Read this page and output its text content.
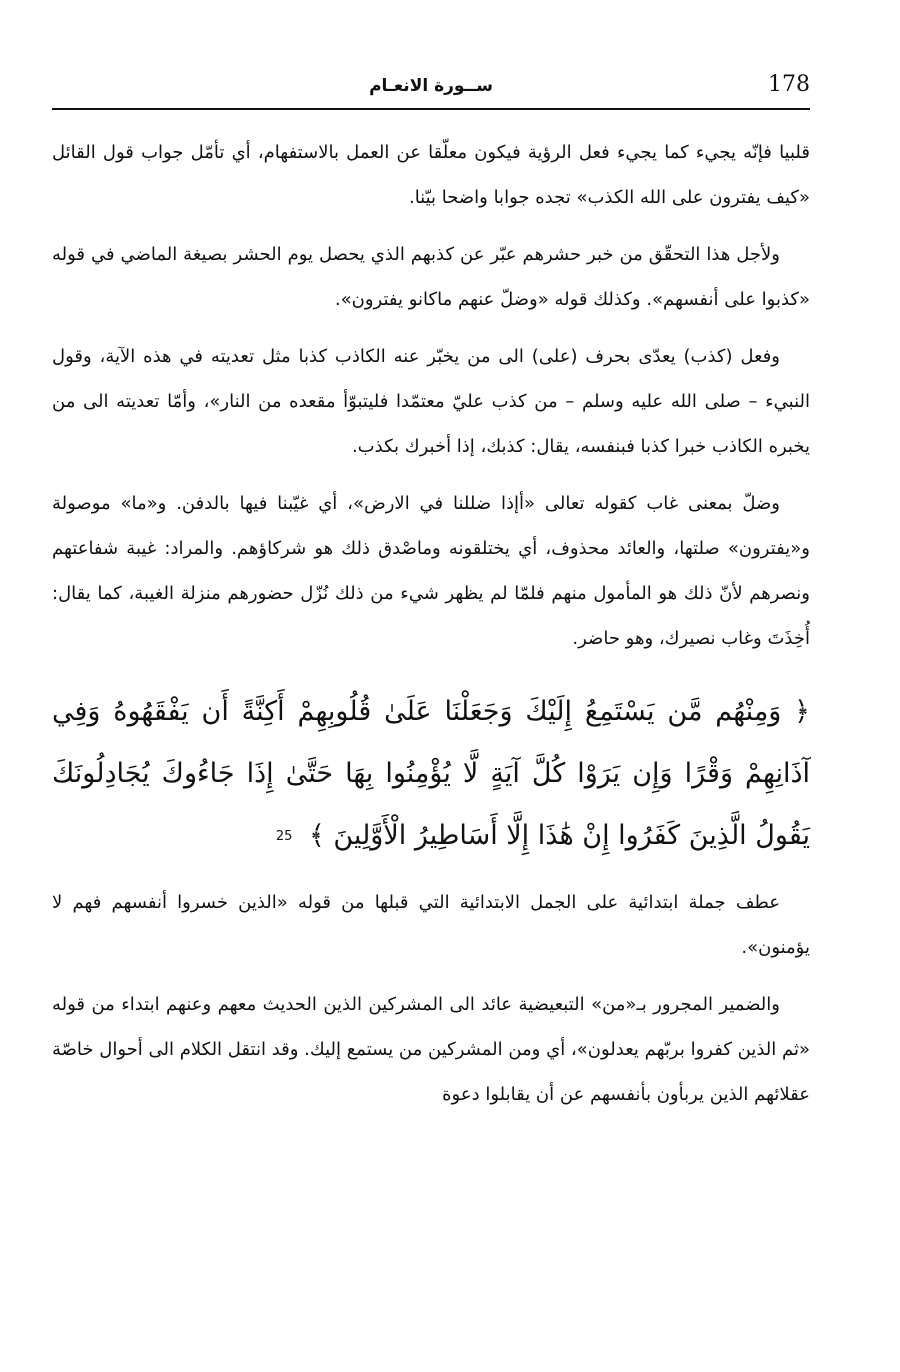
178
ســورة الانعـام

قلبيا فإنّه يجيء كما يجيء فعل الرؤية فيكون معلّقا عن العمل بالاستفهام، أي تأمّل جواب قول القائل «كيف يفترون على الله الكذب» تجده جوابا واضحا بيّنا.

ولأجل هذا التحقّق من خبر حشرهم عبّر عن كذبهم الذي يحصل يوم الحشر بصيغة الماضي في قوله «كذبوا على أنفسهم». وكذلك قوله «وضلّ عنهم ماكانو يفترون».

وفعل (كذب) يعدّى بحرف (على) الى من يخبّر عنه الكاذب كذبا مثل تعديته في هذه الآية، وقول النبيء – صلى الله عليه وسلم – من كذب عليّ معتمّدا فليتبوّأ مقعده من النار»، وأمّا تعديته الى من يخبره الكاذب خبرا كذبا فبنفسه، يقال: كذبك، إذا أخبرك بكذب.

وضلّ بمعنى غاب كقوله تعالى «أإذا ضللنا في الارض»، أي غيّبنا فيها بالدفن. و«ما» موصولة و«يفترون» صلتها، والعائد محذوف، أي يختلقونه وماصْدق ذلك هو شركاؤهم. والمراد: غيبة شفاعتهم ونصرهم لأنّ ذلك هو المأمول منهم فلمّا لم يظهر شيء من ذلك نُزّل حضورهم منزلة الغيبة، كما يقال: أُخِذَتَ وغاب نصيرك، وهو حاضر.

﴿ وَمِنْهُم مَّن يَسْتَمِعُ إِلَيْكَ وَجَعَلْنَا عَلَىٰ قُلُوبِهِمْ أَكِنَّةً أَن يَفْقَهُوهُ وَفِي آذَانِهِمْ وَقْرًا وَإِن يَرَوْا كُلَّ آيَةٍ لَّا يُؤْمِنُوا بِهَا حَتَّىٰ إِذَا جَاءُوكَ يُجَادِلُونَكَ يَقُولُ الَّذِينَ كَفَرُوا إِنْ هَٰذَا إِلَّا أَسَاطِيرُ الْأَوَّلِينَ ﴾ 25

عطف جملة ابتدائية على الجمل الابتدائية التي قبلها من قوله «الذين خسروا أنفسهم فهم لا يؤمنون».

والضمير المجرور بـ«من» التبعيضية عائد الى المشركين الذين الحديث معهم وعنهم ابتداء من قوله «ثم الذين كفروا بربّهم يعدلون»، أي ومن المشركين من يستمع إليك. وقد انتقل الكلام الى أحوال خاصّة عقلائهم الذين يربأون بأنفسهم عن أن يقابلوا دعوة
